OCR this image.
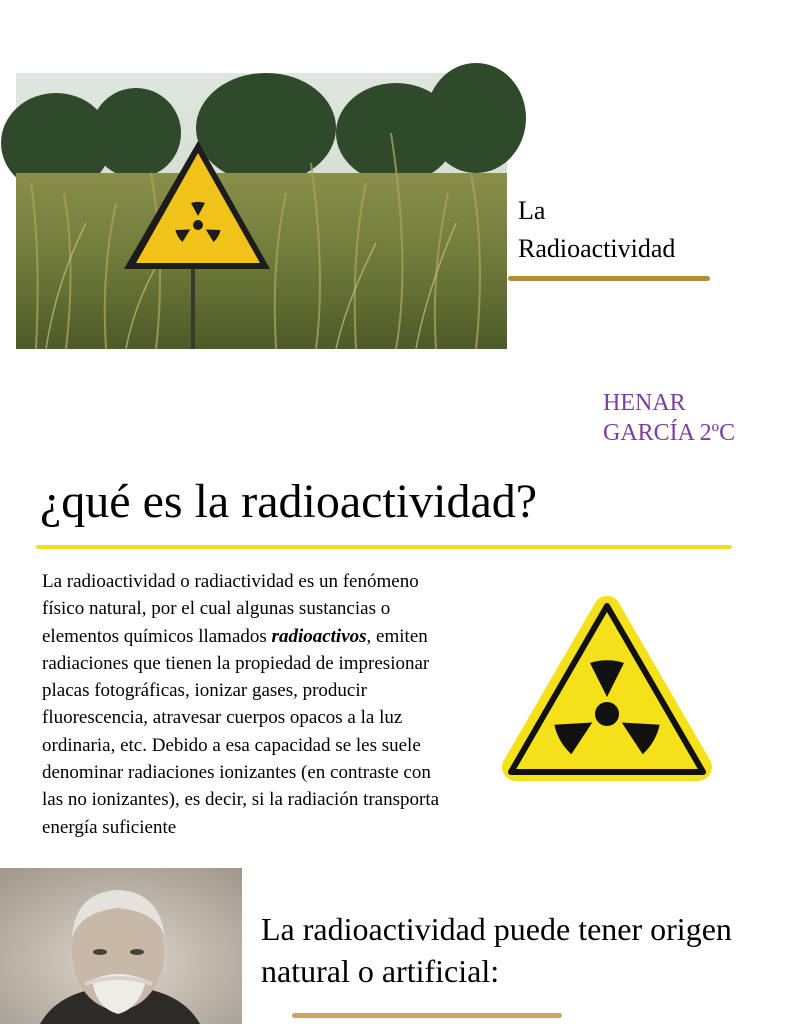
La
Radioactividad
HENAR
GARCÍA 2ºC
¿qué es la radioactividad?
La radioactividad o radiactividad es un fenómeno físico natural, por el cual algunas sustancias o elementos químicos llamados radioactivos, emiten radiaciones que tienen la propiedad de impresionar placas fotográficas, ionizar gases, producir fluorescencia, atravesar cuerpos opacos a la luz ordinaria, etc. Debido a esa capacidad se les suele denominar radiaciones ionizantes (en contraste con las no ionizantes), es decir, si la radiación transporta energía suficiente
La radioactividad puede tener origen natural o artificial:
